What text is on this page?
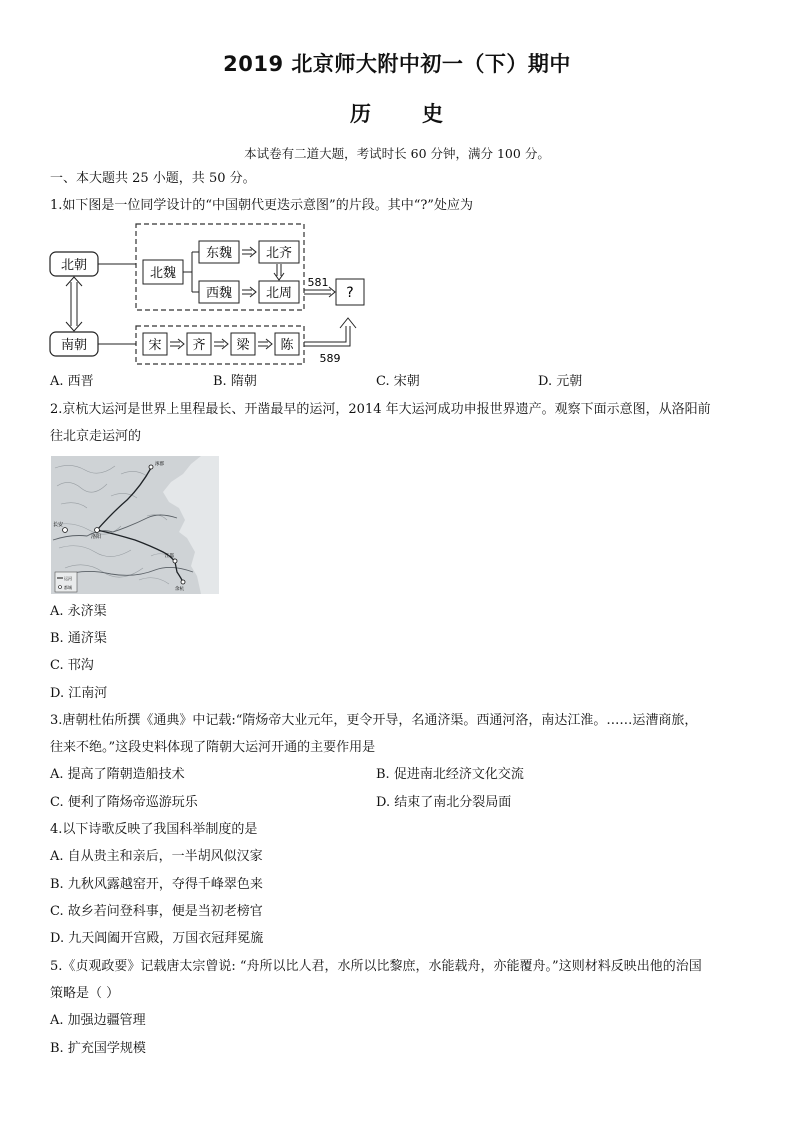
2019 北京师大附中初一（下）期中
历 史
本试卷有二道大题，考试时长 60 分钟，满分 100 分。
一、本大题共 25 小题，共 50 分。
1.如下图是一位同学设计的“中国朝代更迭示意图”的片段。其中“?”处应为
北朝
南朝
北魏
东魏
西魏
北齐
北周
581
?
宋 齐 梁 陈
589
A. 西晋	B. 隋朝	C. 宋朝	D. 元朝
2.京杭大运河是世界上里程最长、开凿最早的运河，2014 年大运河成功申报世界遗产。观察下面示意图，从洛阳前
往北京走运河的
涿郡
长安
洛阳
江都
余杭
运河
都城
A. 永济渠
B. 通济渠
C. 邗沟
D. 江南河
3.唐朝杜佑所撰《通典》中记载:“隋炀帝大业元年，更令开导，名通济渠。西通河洛，南达江淮。……运漕商旅，
往来不绝。”这段史料体现了隋朝大运河开通的主要作用是
A. 提高了隋朝造船技术	B. 促进南北经济文化交流
C. 便利了隋炀帝巡游玩乐	D. 结束了南北分裂局面
4.以下诗歌反映了我国科举制度的是
A. 自从贵主和亲后，一半胡风似汉家
B. 九秋风露越窑开，夺得千峰翠色来
C. 故乡若问登科事，便是当初老榜官
D. 九天阊阖开宫殿，万国衣冠拜冕旒
5.《贞观政要》记载唐太宗曾说: “舟所以比人君，水所以比黎庶，水能载舟，亦能覆舟。”这则材料反映出他的治国
策略是（ ）
A. 加强边疆管理
B. 扩充国学规模
